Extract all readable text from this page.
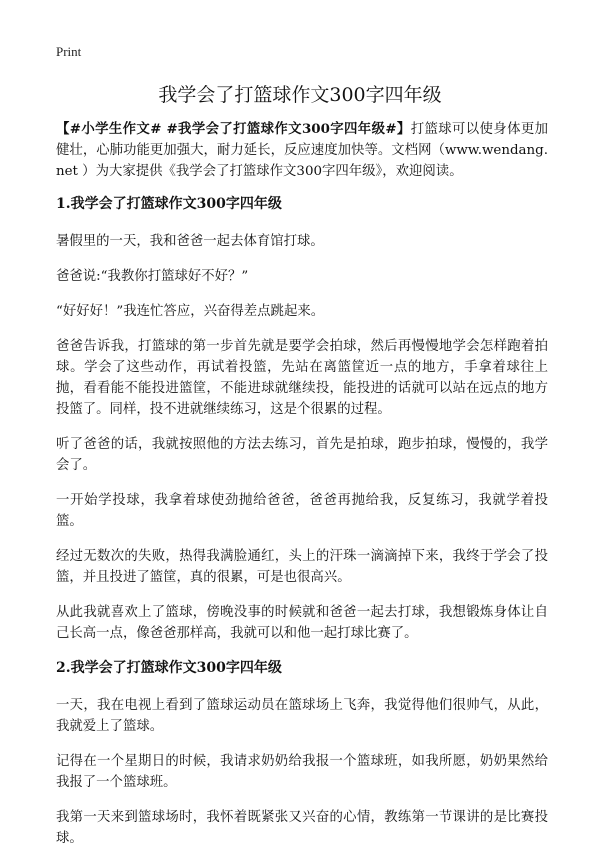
Print
我学会了打篮球作文300字四年级

【#小学生作文# #我学会了打篮球作文300字四年级#】打篮球可以使身体更加健壮，心肺功能更加强大，耐力延长，反应速度加快等。文档网（www.wendang.net ）为大家提供《我学会了打篮球作文300字四年级》，欢迎阅读。

1.我学会了打篮球作文300字四年级

暑假里的一天，我和爸爸一起去体育馆打球。

爸爸说:“我教你打篮球好不好？”

“好好好！”我连忙答应，兴奋得差点跳起来。

爸爸告诉我，打篮球的第一步首先就是要学会拍球，然后再慢慢地学会怎样跑着拍球。学会了这些动作，再试着投篮，先站在离篮筐近一点的地方，手拿着球往上抛，看看能不能投进篮筐，不能进球就继续投，能投进的话就可以站在远点的地方投篮了。同样，投不进就继续练习，这是个很累的过程。

听了爸爸的话，我就按照他的方法去练习，首先是拍球，跑步拍球，慢慢的，我学会了。

一开始学投球，我拿着球使劲抛给爸爸，爸爸再抛给我，反复练习，我就学着投篮。

经过无数次的失败，热得我满脸通红，头上的汗珠一滴滴掉下来，我终于学会了投篮，并且投进了篮筐，真的很累，可是也很高兴。

从此我就喜欢上了篮球，傍晚没事的时候就和爸爸一起去打球，我想锻炼身体让自己长高一点，像爸爸那样高，我就可以和他一起打球比赛了。

2.我学会了打篮球作文300字四年级

一天，我在电视上看到了篮球运动员在篮球场上飞奔，我觉得他们很帅气，从此，我就爱上了篮球。

记得在一个星期日的时候，我请求奶奶给我报一个篮球班，如我所愿，奶奶果然给我报了一个篮球班。

我第一天来到篮球场时，我怀着既紧张又兴奋的心情，教练第一节课讲的是比赛投球。
